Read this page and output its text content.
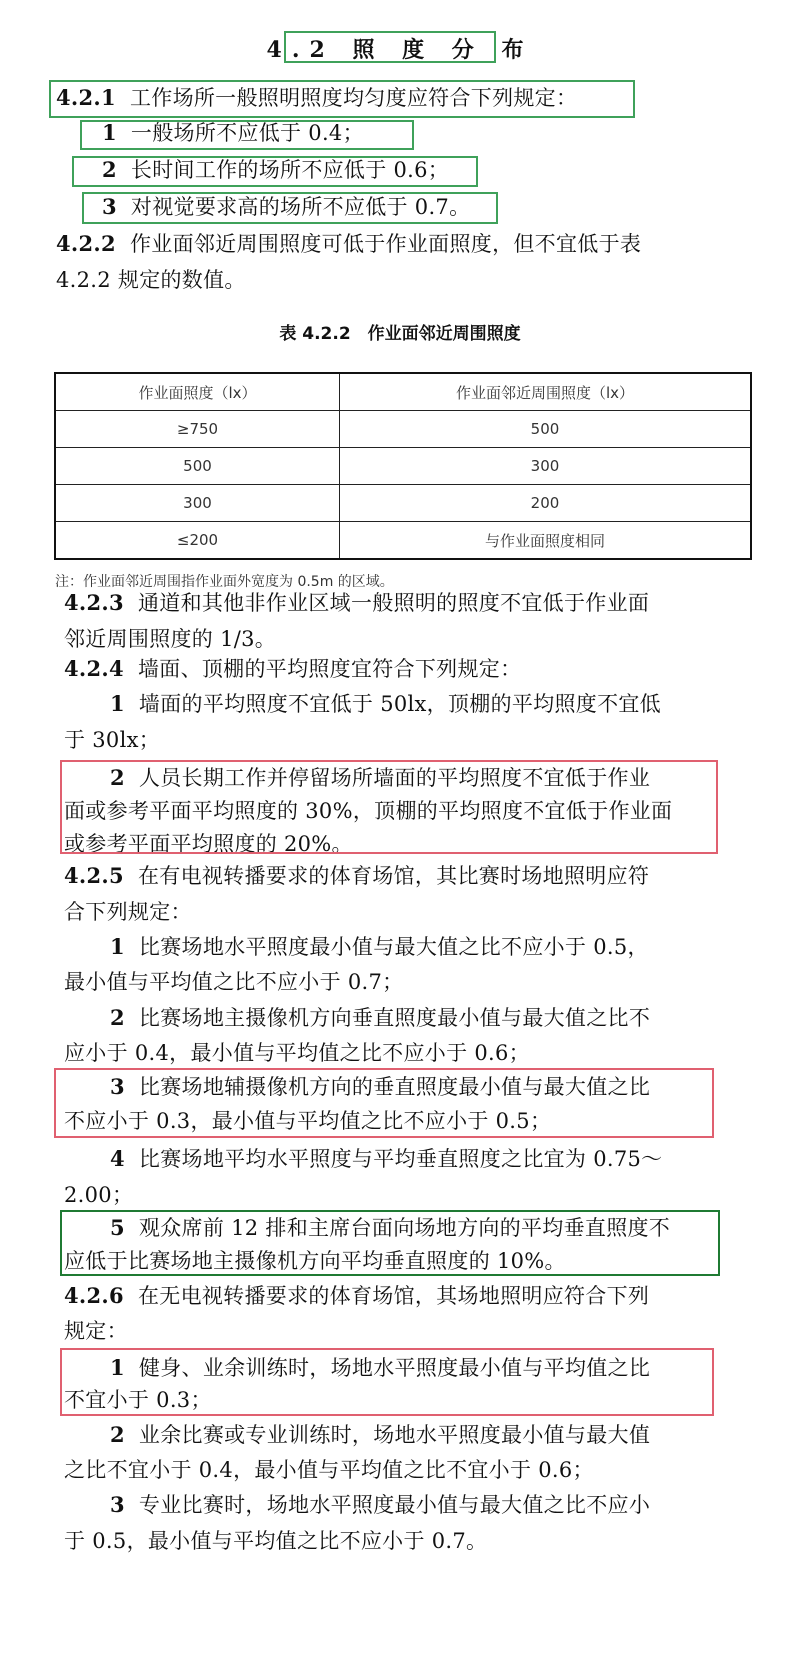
4.2 照 度 分 布
4.2.1 工作场所一般照明照度均匀度应符合下列规定：
1 一般场所不应低于 0.4；
2 长时间工作的场所不应低于 0.6；
3 对视觉要求高的场所不应低于 0.7。
4.2.2 作业面邻近周围照度可低于作业面照度，但不宜低于表
4.2.2 规定的数值。
表 4.2.2　作业面邻近周围照度
作业面照度（lx）	作业面邻近周围照度（lx）
≥750	500
500	300
300	200
≤200	与作业面照度相同
注：作业面邻近周围指作业面外宽度为 0.5m 的区域。
4.2.3 通道和其他非作业区域一般照明的照度不宜低于作业面
邻近周围照度的 1/3。
4.2.4 墙面、顶棚的平均照度宜符合下列规定：
1 墙面的平均照度不宜低于 50lx，顶棚的平均照度不宜低
于 30lx；
2 人员长期工作并停留场所墙面的平均照度不宜低于作业
面或参考平面平均照度的 30%，顶棚的平均照度不宜低于作业面
或参考平面平均照度的 20%。
4.2.5 在有电视转播要求的体育场馆，其比赛时场地照明应符
合下列规定：
1 比赛场地水平照度最小值与最大值之比不应小于 0.5，
最小值与平均值之比不应小于 0.7；
2 比赛场地主摄像机方向垂直照度最小值与最大值之比不
应小于 0.4，最小值与平均值之比不应小于 0.6；
3 比赛场地辅摄像机方向的垂直照度最小值与最大值之比
不应小于 0.3，最小值与平均值之比不应小于 0.5；
4 比赛场地平均水平照度与平均垂直照度之比宜为 0.75～
2.00；
5 观众席前 12 排和主席台面向场地方向的平均垂直照度不
应低于比赛场地主摄像机方向平均垂直照度的 10%。
4.2.6 在无电视转播要求的体育场馆，其场地照明应符合下列
规定：
1 健身、业余训练时，场地水平照度最小值与平均值之比
不宜小于 0.3；
2 业余比赛或专业训练时，场地水平照度最小值与最大值
之比不宜小于 0.4，最小值与平均值之比不宜小于 0.6；
3 专业比赛时，场地水平照度最小值与最大值之比不应小
于 0.5，最小值与平均值之比不应小于 0.7。
